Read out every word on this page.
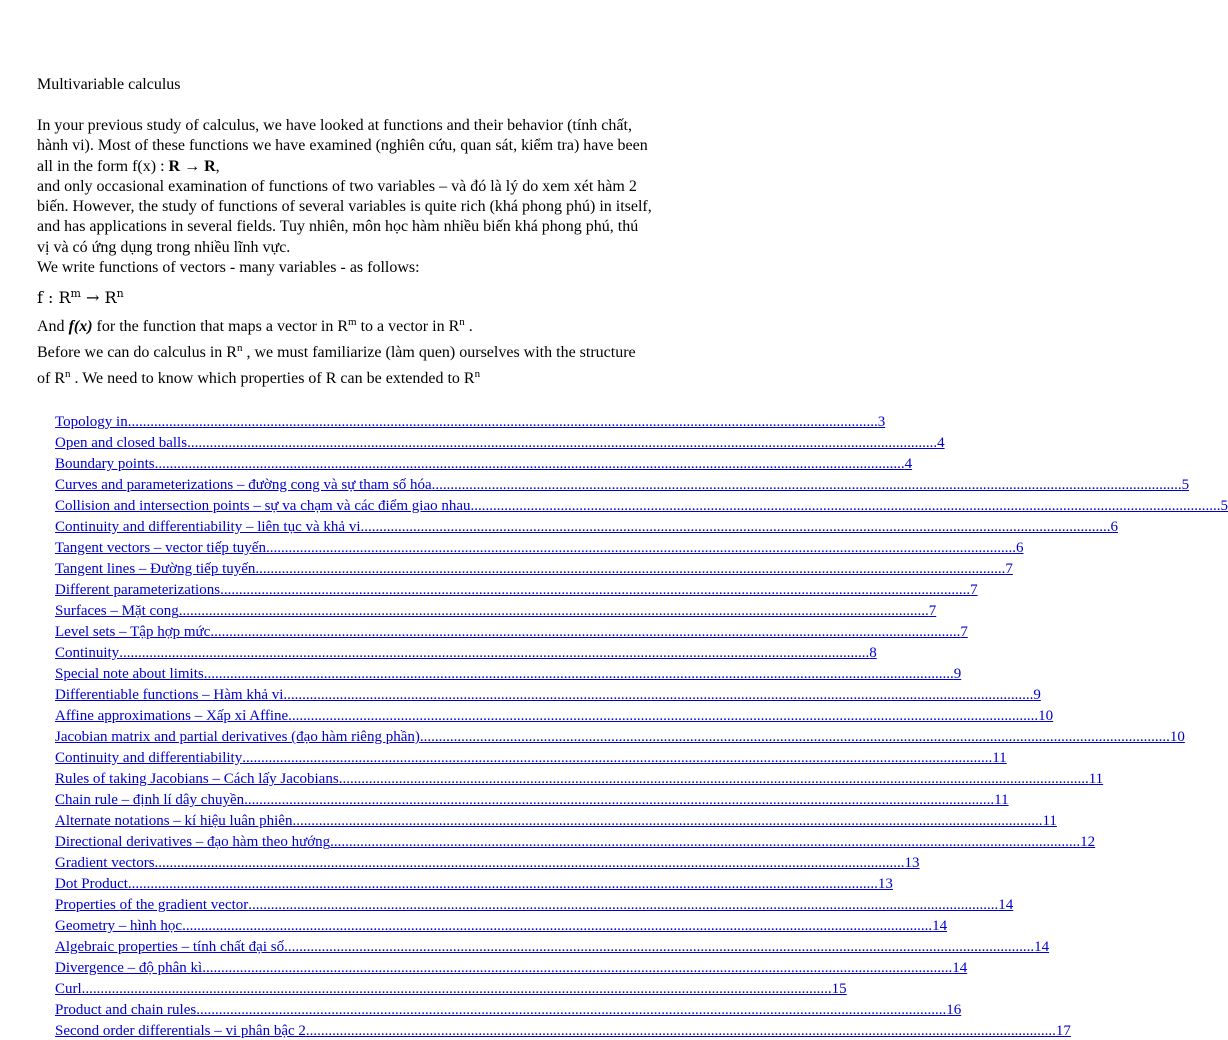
Multivariable calculus
In your previous study of calculus, we have looked at functions and their behavior (tính chất,
hành vi). Most of these functions we have examined (nghiên cứu, quan sát, kiểm tra) have been
all in the form f(x) : R → R,
and only occasional examination of functions of two variables – và đó là lý do xem xét hàm 2
biến. However, the study of functions of several variables is quite rich (khá phong phú) in itself,
and has applications in several fields. Tuy nhiên, môn học hàm nhiều biến khá phong phú, thú
vị và có ứng dụng trong nhiều lĩnh vực.
We write functions of vectors - many variables - as follows:
f : $R^m \to R^n$
And f(x) for the function that maps a vector in $R^m$ to a vector in $R^n$ .
Before we can do calculus in $R^n$ , we must familiarize (làm quen) ourselves with the structure
of $R^n$ . We need to know which properties of R can be extended to $R^n$
Topology in ........................................................................................................................................................................................................ 3
Open and closed balls ........................................................................................................................................................................................................ 4
Boundary points ........................................................................................................................................................................................................ 4
Curves and parameterizations – đường cong và sự tham số hóa ........................................................................................................................................................................................................ 5
Collision and intersection points – sự va chạm và các điểm giao nhau ........................................................................................................................................................................................................ 5
Continuity and differentiability – liên tục và khả vi ........................................................................................................................................................................................................ 6
Tangent vectors – vector tiếp tuyến ........................................................................................................................................................................................................ 6
Tangent lines – Đường tiếp tuyến ........................................................................................................................................................................................................ 7
Different parameterizations ........................................................................................................................................................................................................ 7
Surfaces – Mặt cong ........................................................................................................................................................................................................ 7
Level sets – Tập hợp mức ........................................................................................................................................................................................................ 7
Continuity ........................................................................................................................................................................................................ 8
Special note about limits ........................................................................................................................................................................................................ 9
Differentiable functions – Hàm khả vi ........................................................................................................................................................................................................ 9
Affine approximations – Xấp xỉ Affine ........................................................................................................................................................................................................ 10
Jacobian matrix and partial derivatives (đạo hàm riêng phần) ........................................................................................................................................................................................................ 10
Continuity and differentiability ........................................................................................................................................................................................................ 11
Rules of taking Jacobians – Cách lấy Jacobians ........................................................................................................................................................................................................ 11
Chain rule – định lí dây chuyền ........................................................................................................................................................................................................ 11
Alternate notations – kí hiệu luân phiên ........................................................................................................................................................................................................ 11
Directional derivatives – đạo hàm theo hướng ........................................................................................................................................................................................................ 12
Gradient vectors ........................................................................................................................................................................................................ 13
Dot Product ........................................................................................................................................................................................................ 13
Properties of the gradient vector ........................................................................................................................................................................................................ 14
Geometry – hình học ........................................................................................................................................................................................................ 14
Algebraic properties – tính chất đại số ........................................................................................................................................................................................................ 14
Divergence – độ phân kì ........................................................................................................................................................................................................ 14
Curl ........................................................................................................................................................................................................ 15
Product and chain rules ........................................................................................................................................................................................................ 16
Second order differentials – vi phân bậc 2 ........................................................................................................................................................................................................ 17
